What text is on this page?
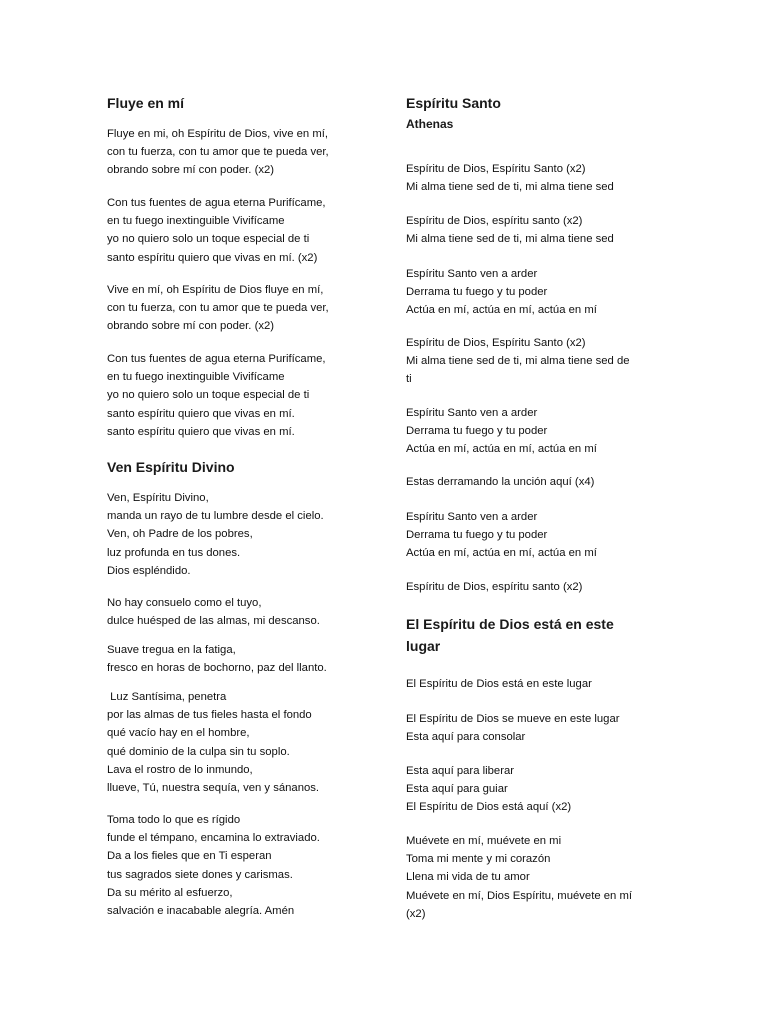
Fluye en mí
Fluye en mi, oh Espíritu de Dios, vive en mí,
con tu fuerza, con tu amor que te pueda ver,
obrando sobre mí con poder. (x2)
Con tus fuentes de agua eterna Purifícame,
en tu fuego inextinguible Vivifícame
yo no quiero solo un toque especial de ti
santo espíritu quiero que vivas en mí. (x2)
Vive en mí, oh Espíritu de Dios fluye en mí,
con tu fuerza, con tu amor que te pueda ver,
obrando sobre mí con poder. (x2)
Con tus fuentes de agua eterna Purifícame,
en tu fuego inextinguible Vivifícame
yo no quiero solo un toque especial de ti
santo espíritu quiero que vivas en mí.
santo espíritu quiero que vivas en mí.
Ven Espíritu Divino
Ven, Espíritu Divino,
manda un rayo de tu lumbre desde el cielo.
Ven, oh Padre de los pobres,
luz profunda en tus dones.
Dios espléndido.
No hay consuelo como el tuyo,
dulce huésped de las almas, mi descanso.
Suave tregua en la fatiga,
fresco en horas de bochorno, paz del llanto.
Luz Santísima, penetra
por las almas de tus fieles hasta el fondo
qué vacío hay en el hombre,
qué dominio de la culpa sin tu soplo.
Lava el rostro de lo inmundo,
llueve, Tú, nuestra sequía, ven y sánanos.
Toma todo lo que es rígido
funde el témpano, encamina lo extraviado.
Da a los fieles que en Ti esperan
tus sagrados siete dones y carismas.
Da su mérito al esfuerzo,
salvación e inacabable alegría. Amén
Espíritu Santo
Athenas
Espíritu de Dios, Espíritu Santo (x2)
Mi alma tiene sed de ti, mi alma tiene sed
Espíritu de Dios, espíritu santo (x2)
Mi alma tiene sed de ti, mi alma tiene sed
Espíritu Santo ven a arder
Derrama tu fuego y tu poder
Actúa en mí, actúa en mí, actúa en mí
Espíritu de Dios, Espíritu Santo (x2)
Mi alma tiene sed de ti, mi alma tiene sed de
ti
Espíritu Santo ven a arder
Derrama tu fuego y tu poder
Actúa en mí, actúa en mí, actúa en mí
Estas derramando la unción aquí (x4)
Espíritu Santo ven a arder
Derrama tu fuego y tu poder
Actúa en mí, actúa en mí, actúa en mí
Espíritu de Dios, espíritu santo (x2)
El Espíritu de Dios está en este lugar
El Espíritu de Dios está en este lugar
El Espíritu de Dios se mueve en este lugar
Esta aquí para consolar
Esta aquí para liberar
Esta aquí para guiar
El Espíritu de Dios está aquí (x2)
Muévete en mí, muévete en mi
Toma mi mente y mi corazón
Llena mi vida de tu amor
Muévete en mí, Dios Espíritu, muévete en mí
(x2)
